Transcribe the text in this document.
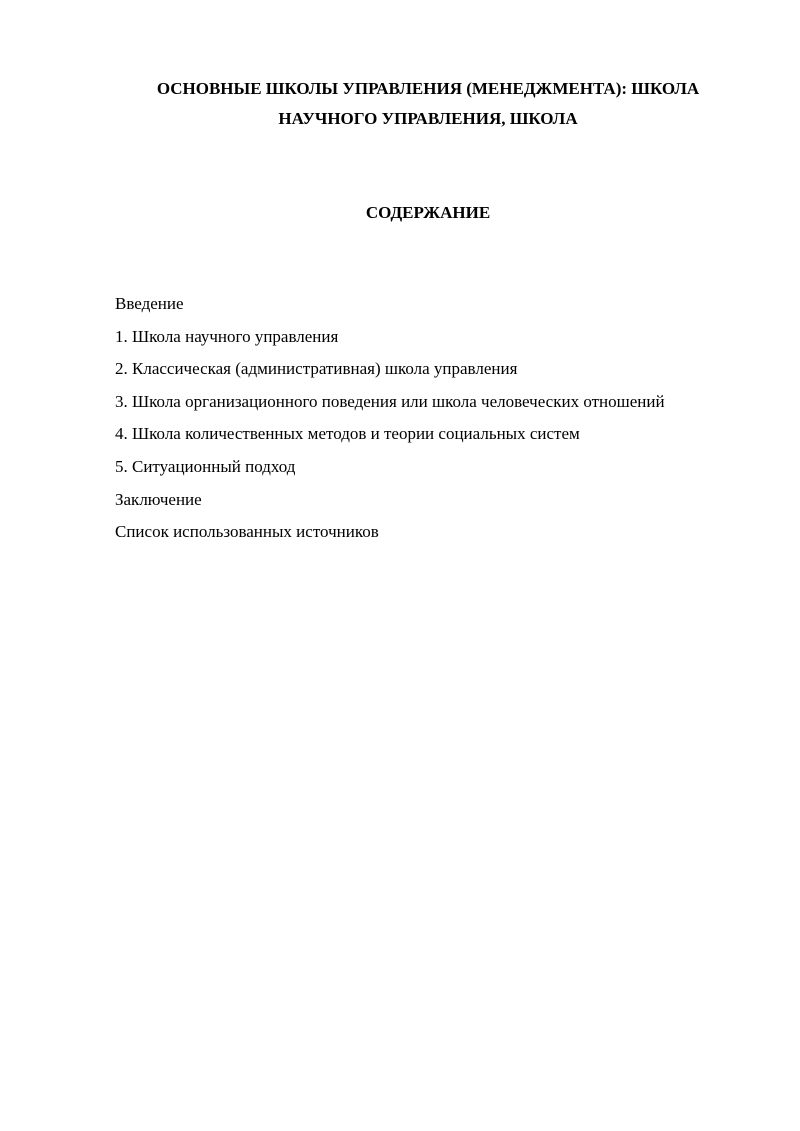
ОСНОВНЫЕ ШКОЛЫ УПРАВЛЕНИЯ (МЕНЕДЖМЕНТА): ШКОЛА
НАУЧНОГО УПРАВЛЕНИЯ, ШКОЛА
СОДЕРЖАНИЕ
Введение
1. Школа научного управления
2. Классическая (административная) школа управления
3. Школа организационного поведения или школа человеческих отношений
4. Школа количественных методов и теории социальных систем
5. Ситуационный подход
Заключение
Список использованных источников
